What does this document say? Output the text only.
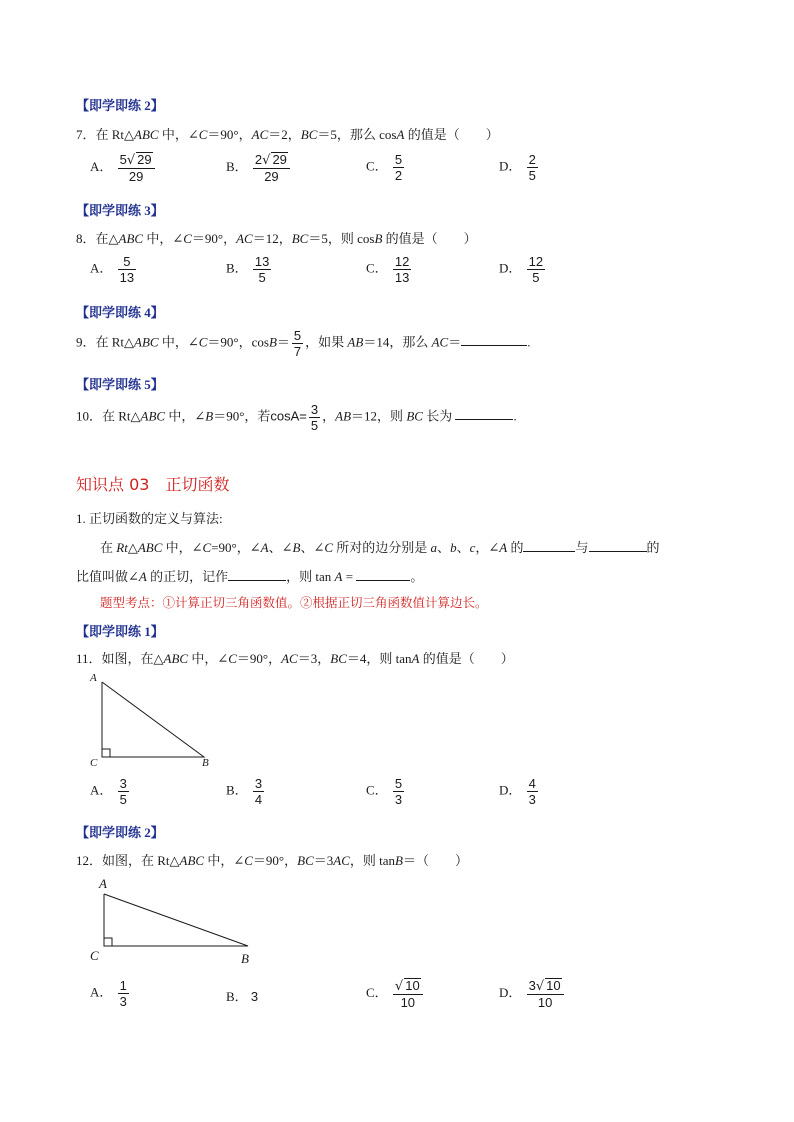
【即学即练 2】
7．在 Rt△ABC 中，∠C＝90°，AC＝2，BC＝5，那么 cosA 的值是（　　）
A． $\frac{5√ 29}{29}$	B． $\frac{2√ 29}{29}$	C． $\frac{5}{2}$	D． $\frac{2}{5}$
【即学即练 3】
8．在△ABC 中，∠C＝90°，AC＝12，BC＝5，则 cosB 的值是（　　）
A． $\frac{5}{13}$	B． $\frac{13}{5}$	C． $\frac{12}{13}$	D． $\frac{12}{5}$
【即学即练 4】
9．在 Rt△ABC 中，∠C＝90°，$\cos B= \frac{5}{7}$ ，如果 AB＝14，那么 AC＝	.
【即学即练 5】
10．在 Rt△ABC 中，∠B＝90°，若$\cos A= \frac{3}{5}$ ，AB＝12，则 BC 长为	.
知识点 03　正切函数
1. 正切函数的定义与算法:
在 Rt△ABC 中，∠C=90°，∠A、∠B、∠C 所对的边分别是 a、b、c，∠A 的	与	的
比值叫做∠A 的正切，记作	，则 tan A =	。
题型考点：①计算正切三角函数值。②根据正切三角函数值计算边长。
【即学即练 1】
11．如图，在△ABC 中，∠C＝90°，AC＝3，BC＝4，则 tanA 的值是（　　）
A
C	B
A． $\frac{3}{5}$	B． $\frac{3}{4}$	C． $\frac{5}{3}$	D． $\frac{4}{3}$
【即学即练 2】
12．如图，在 Rt△ABC 中，∠C＝90°，BC＝3AC，则 tanB＝（　　）
A
C	B
A． $\frac{1}{3}$	B． 3	C． $\frac{√ 10}{10}$	D． $\frac{3√ 10}{10}$
